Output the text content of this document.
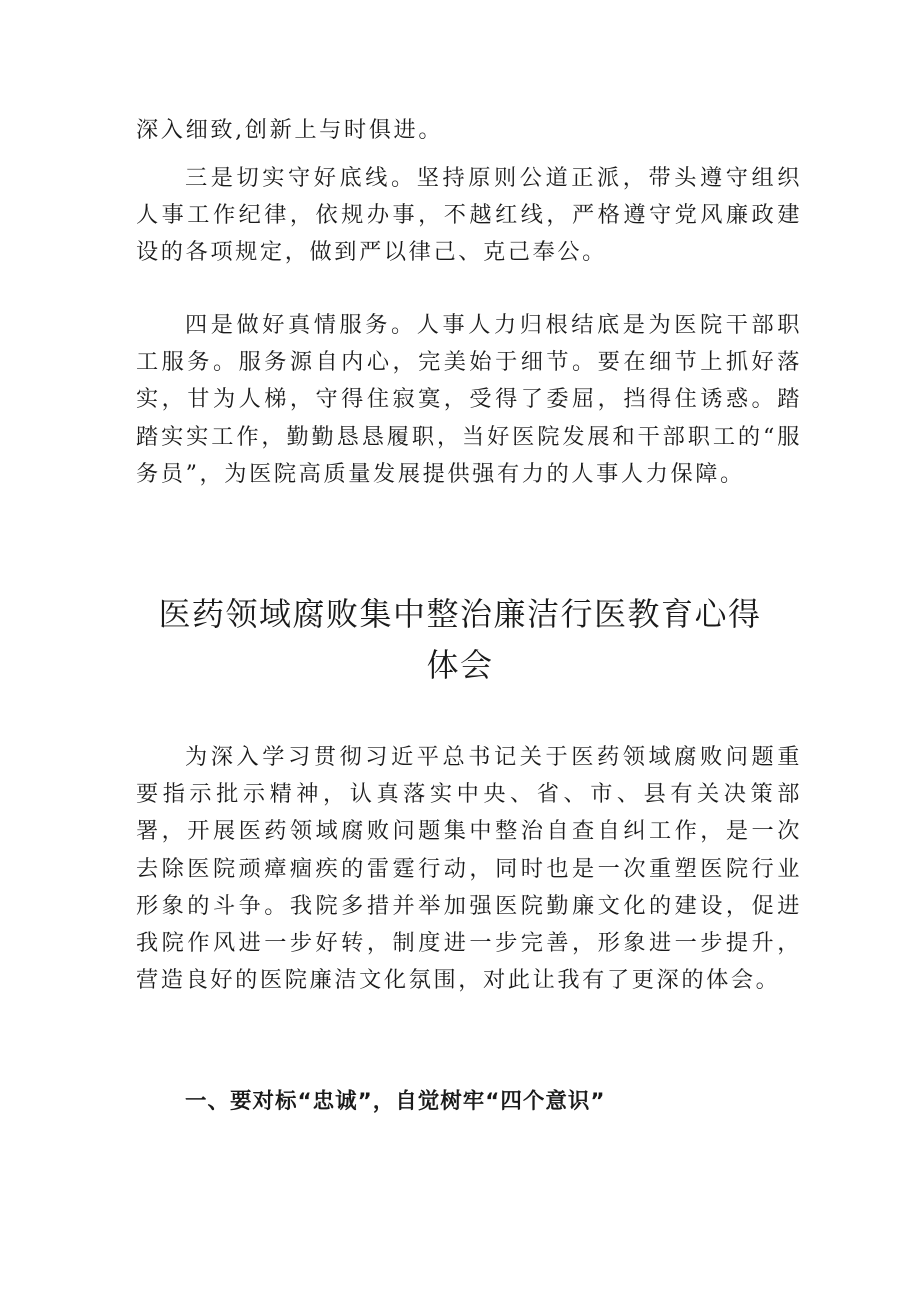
深入细致,创新上与时俱进。

三是切实守好底线。坚持原则公道正派，带头遵守组织人事工作纪律，依规办事，不越红线，严格遵守党风廉政建设的各项规定，做到严以律己、克己奉公。

四是做好真情服务。人事人力归根结底是为医院干部职工服务。服务源自内心，完美始于细节。要在细节上抓好落实，甘为人梯，守得住寂寞，受得了委屈，挡得住诱惑。踏踏实实工作，勤勤恳恳履职，当好医院发展和干部职工的“服务员”，为医院高质量发展提供强有力的人事人力保障。

医药领域腐败集中整治廉洁行医教育心得
体会

为深入学习贯彻习近平总书记关于医药领域腐败问题重要指示批示精神，认真落实中央、省、市、县有关决策部署，开展医药领域腐败问题集中整治自查自纠工作，是一次去除医院顽瘴痼疾的雷霆行动，同时也是一次重塑医院行业形象的斗争。我院多措并举加强医院勤廉文化的建设，促进我院作风进一步好转，制度进一步完善，形象进一步提升，营造良好的医院廉洁文化氛围，对此让我有了更深的体会。

一、要对标“忠诚”，自觉树牢“四个意识”
